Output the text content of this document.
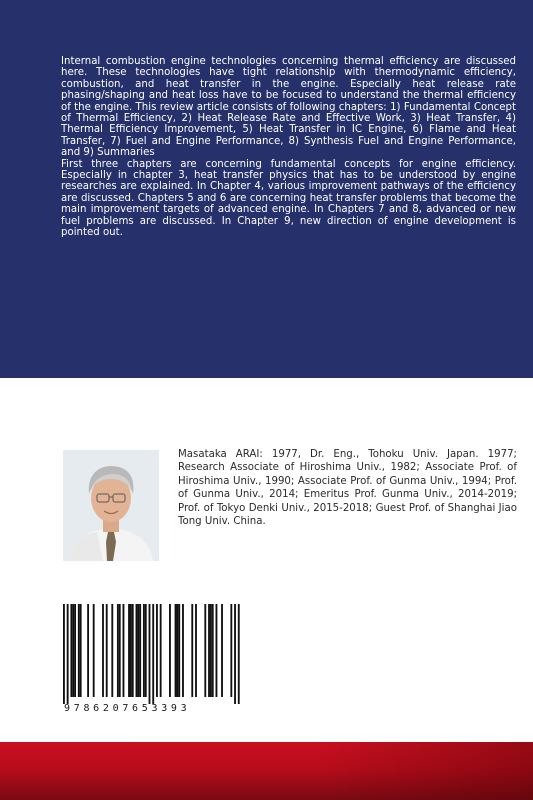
Internal combustion engine technologies concerning thermal efficiency are discussed here. These technologies have tight relationship with thermodynamic efficiency, combustion, and heat transfer in the engine. Especially heat release rate phasing/shaping and heat loss have to be focused to understand the thermal efficiency of the engine. This review article consists of following chapters: 1) Fundamental Concept of Thermal Efficiency, 2) Heat Release Rate and Effective Work, 3) Heat Transfer, 4) Thermal Efficiency Improvement, 5) Heat Transfer in IC Engine, 6) Flame and Heat Transfer, 7) Fuel and Engine Performance, 8) Synthesis Fuel and Engine Performance, and 9) Summaries

First three chapters are concerning fundamental concepts for engine efficiency. Especially in chapter 3, heat transfer physics that has to be understood by engine researches are explained. In Chapter 4, various improvement pathways of the efficiency are discussed. Chapters 5 and 6 are concerning heat transfer problems that become the main improvement targets of advanced engine. In Chapters 7 and 8, advanced or new fuel problems are discussed. In Chapter 9, new direction of engine development is pointed out.

Masataka ARAI: 1977, Dr. Eng., Tohoku Univ. Japan. 1977; Research Associate of Hiroshima Univ., 1982; Associate Prof. of Hiroshima Univ., 1990; Associate Prof. of Gunma Univ., 1994; Prof. of Gunma Univ., 2014; Emeritus Prof. Gunma Univ., 2014-2019; Prof. of Tokyo Denki Univ., 2015-2018; Guest Prof. of Shanghai Jiao Tong Univ. China.

9786207653393
